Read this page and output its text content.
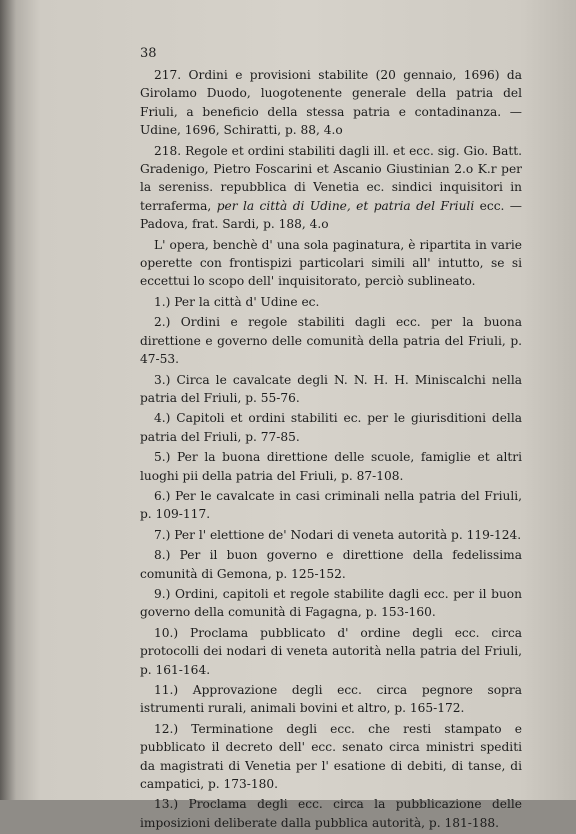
38

217. Ordini e provisioni stabilite (20 gennaio, 1696) da Girolamo Duodo, luogotenente generale della patria del Friuli, a beneficio della stessa patria e contadinanza. — Udine, 1696, Schiratti, p. 88, 4.o

218. Regole et ordini stabiliti dagli ill. et ecc. sig. Gio. Batt. Gradenigo, Pietro Foscarini et Ascanio Giustinian 2.o K.r per la sereniss. repubblica di Venetia ec. sindici inquisitori in terraferma, per la città di Udine, et patria del Friuli ecc. — Padova, frat. Sardi, p. 188, 4.o

L' opera, benchè d' una sola paginatura, è ripartita in varie operette con frontispizi particolari simili all' intutto, se si eccettui lo scopo dell' inquisitorato, perciò sublineato.

1.) Per la città d' Udine ec.

2.) Ordini e regole stabiliti dagli ecc. per la buona direttione e governo delle comunità della patria del Friuli, p. 47-53.

3.) Circa le cavalcate degli N. N. H. H. Miniscalchi nella patria del Friuli, p. 55-76.

4.) Capitoli et ordini stabiliti ec. per le giurisditioni della patria del Friuli, p. 77-85.

5.) Per la buona direttione delle scuole, famiglie et altri luoghi pii della patria del Friuli, p. 87-108.

6.) Per le cavalcate in casi criminali nella patria del Friuli, p. 109-117.

7.) Per l' elettione de' Nodari di veneta autorità p. 119-124.

8.) Per il buon governo e direttione della fedelissima comunità di Gemona, p. 125-152.

9.) Ordini, capitoli et regole stabilite dagli ecc. per il buon governo della comunità di Fagagna, p. 153-160.

10.) Proclama pubblicato d' ordine degli ecc. circa protocolli dei nodari di veneta autorità nella patria del Friuli, p. 161-164.

11.) Approvazione degli ecc. circa pegnore sopra istrumenti rurali, animali bovini et altro, p. 165-172.

12.) Terminatione degli ecc. che resti stampato e pubblicato il decreto dell' ecc. senato circa ministri spediti da magistrati di Venetia per l' esatione di debiti, di tanse, di campatici, p. 173-180.

13.) Proclama degli ecc. circa la pubblicazione delle imposizioni deliberate dalla pubblica autorità, p. 181-188.
